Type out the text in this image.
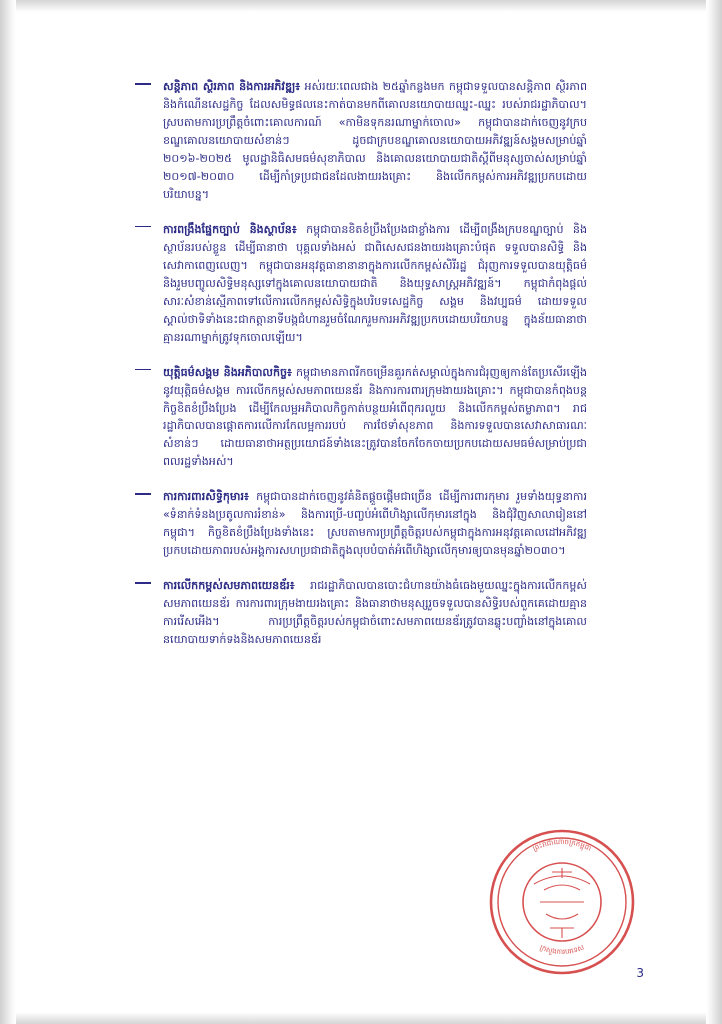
សន្តិភាព ស្ថិរភាព និងការអភិវឌ្ឍ៖ អស់រយៈពេលជាង ២៥ឆ្នាំកន្លងមក កម្ពុជាទទួលបានសន្តិភាព ស្ថិរភាព និងកំណើនសេដ្ឋកិច្ច ដែលសមិទ្ធផលនេះកាត់បានមកពីគោលនយោបាយឈ្នះ-ឈ្នះ របស់រាជរដ្ឋាភិបាល។ ស្របតាមការប្រព្រឹត្តចំពោះគោលការណ៍ «កាមិនទុកនរណាម្នាក់ចោល» កម្ពុជាបានដាក់ចេញនូវក្របខណ្ឌគោលនយោបាយសំខាន់ៗ ដូចជាក្របខណ្ឌគោលនយោបាយអភិវឌ្ឍន៍សង្គមសម្រាប់ឆ្នាំ ២០១៦-២០២៥ មូលដ្ឋានិធិសមធម៌សុខាភិបាល និងគោលនយោបាយជាតិស្ដីពីមនុស្សចាស់សម្រាប់ឆ្នាំ ២០១៧-២០៣០ ដើម្បីកាំទ្រប្រជាជនដែលងាយរងគ្រោះ និងលើកកម្ពស់ការអភិវឌ្ឍប្រកបដោយបរិយាបន្ន។
ការពង្រឹងផ្នែកច្បាប់ និងស្ថាប័ន៖ កម្ពុជាបានខិតខំប្រឹងប្រែងជាខ្លាំងការ ដើម្បីពង្រឹងក្របខណ្ឌច្បាប់ និងស្ថាប័នរបស់ខ្លួន ដើម្បីធានាថា បុគ្គលទាំងអស់ ជាពិសេសជនងាយរងគ្រោះបំផុត ទទួលបានសិទ្ធិ និងសេវាកាពេញលេញ។ កម្ពុជាបានអនុវត្តធានានានាក្នុងការលើកកម្ពស់សិរីរដ្ឋ ជំរុញការទទួលបានយុត្តិធម៌ និងរួមបញ្ចូលសិទ្ធិមនុស្សទៅក្នុងគោលនយោបាយជាតិ និងយុទ្ធសាស្ត្រអភិវឌ្ឍន៍។ កម្ពុជាកំពុងផ្ដល់សារៈសំខាន់ស្មើភាពទៅលើការលើកកម្ពស់សិទ្ធិក្នុងបរិបទសេដ្ឋកិច្ច សង្គម និងវប្បធម៌ ដោយទទួលស្គាល់ថាទិទាំងនេះជាកត្តានាទីបង្កជំហានរួមចំណែករួមការអភិវឌ្ឍប្រកបដោយបរិយាបន្ន ក្នុងន័យធានាថាគ្មានរណាម្នាក់ត្រូវទុកចោលឡើយ។
យុត្តិធម៌សង្គម និងអភិបាលកិច្ច៖ កម្ពុជាមានភាពរីកចម្រើនគួរកត់សម្គាល់ក្នុងការជំរុញឲ្យកាន់តែប្រសើរឡើងនូវយុត្តិធម៌សង្គម ការលើកកម្ពស់សមភាពយេនឌ័រ និងការការពារក្រុមងាយរងគ្រោះ។ កម្ពុជាបានកំពុងបន្តកិច្ចខិតខំប្រឹងប្រែង ដើម្បីកែលម្អអភិបាលកិច្ចកាត់បន្ថយអំពើពុករលួយ និងលើកកម្ពស់តម្លាភាព។ រាជរដ្ឋាភិបាលបានផ្ដោតការលើការកែលម្អការរបប់ ការថែទាំសុខភាព និងការទទួលបានសេវាសាធារណៈសំខាន់ៗ ដោយធានាថាអត្ថប្រយោជន៍ទាំងនេះត្រូវបានចែកចែកចាយប្រកបដោយសមធម៌សម្រាប់ប្រជាពលរដ្ឋទាំងអស់។
ការការពារសិទ្ធិកុមារ៖ កម្ពុជាបានដាក់ចេញនូវគំនិតផ្ដួចផ្ដើមជាច្រើន ដើម្បីការពារកុមារ រួមទាំងយុទ្ធនាការ «ទំនាក់ទំនងប្រតូលការរំខាន់» និងការប្រើ-បញ្ចប់អំពើហិង្សាលើកុមារនៅក្នុង និងជុំវិញសាលារៀននៅកម្ពុជា។ កិច្ចខិតខំប្រឹងប្រែងទាំងនេះ ស្របតាមការប្រព្រឹត្តចិត្តរបស់កម្ពុជាក្នុងការអនុវត្តគោលដៅអភិវឌ្ឍប្រកបដោយភាពរបស់អង្គការសហប្រជាជាតិក្នុងលុបបំបាត់អំពើហិង្សាលើកុមារឲ្យបានមុនឆ្នាំ២០៣០។
ការលើកកម្ពស់សមភាពយេនឌ័រ៖ រាជរដ្ឋាភិបាលបានបោះជំហានយ៉ាងធំធេងមួយឈ្នះក្នុងការលើកកម្ពស់សមភាពយេនឌ័រ ការការពារក្រុមងាយរងគ្រោះ និងធានាថាមនុស្សរួចទទួលបានសិទ្ធិរបស់ពួកគេដោយគ្មានការរើសអើង។ ការប្រព្រឹត្តចិត្តរបស់កម្ពុជាចំពោះសមភាពយេនឌ័រត្រូវបានឆ្លុះបញ្ចាំងនៅក្នុងគោលនយោបាយទាក់ទងនិងសមភាពយេនឌ័រ
ព្រះរាជាណាចក្រកម្ពុជា
ក្រសួងការបរទេស
3
